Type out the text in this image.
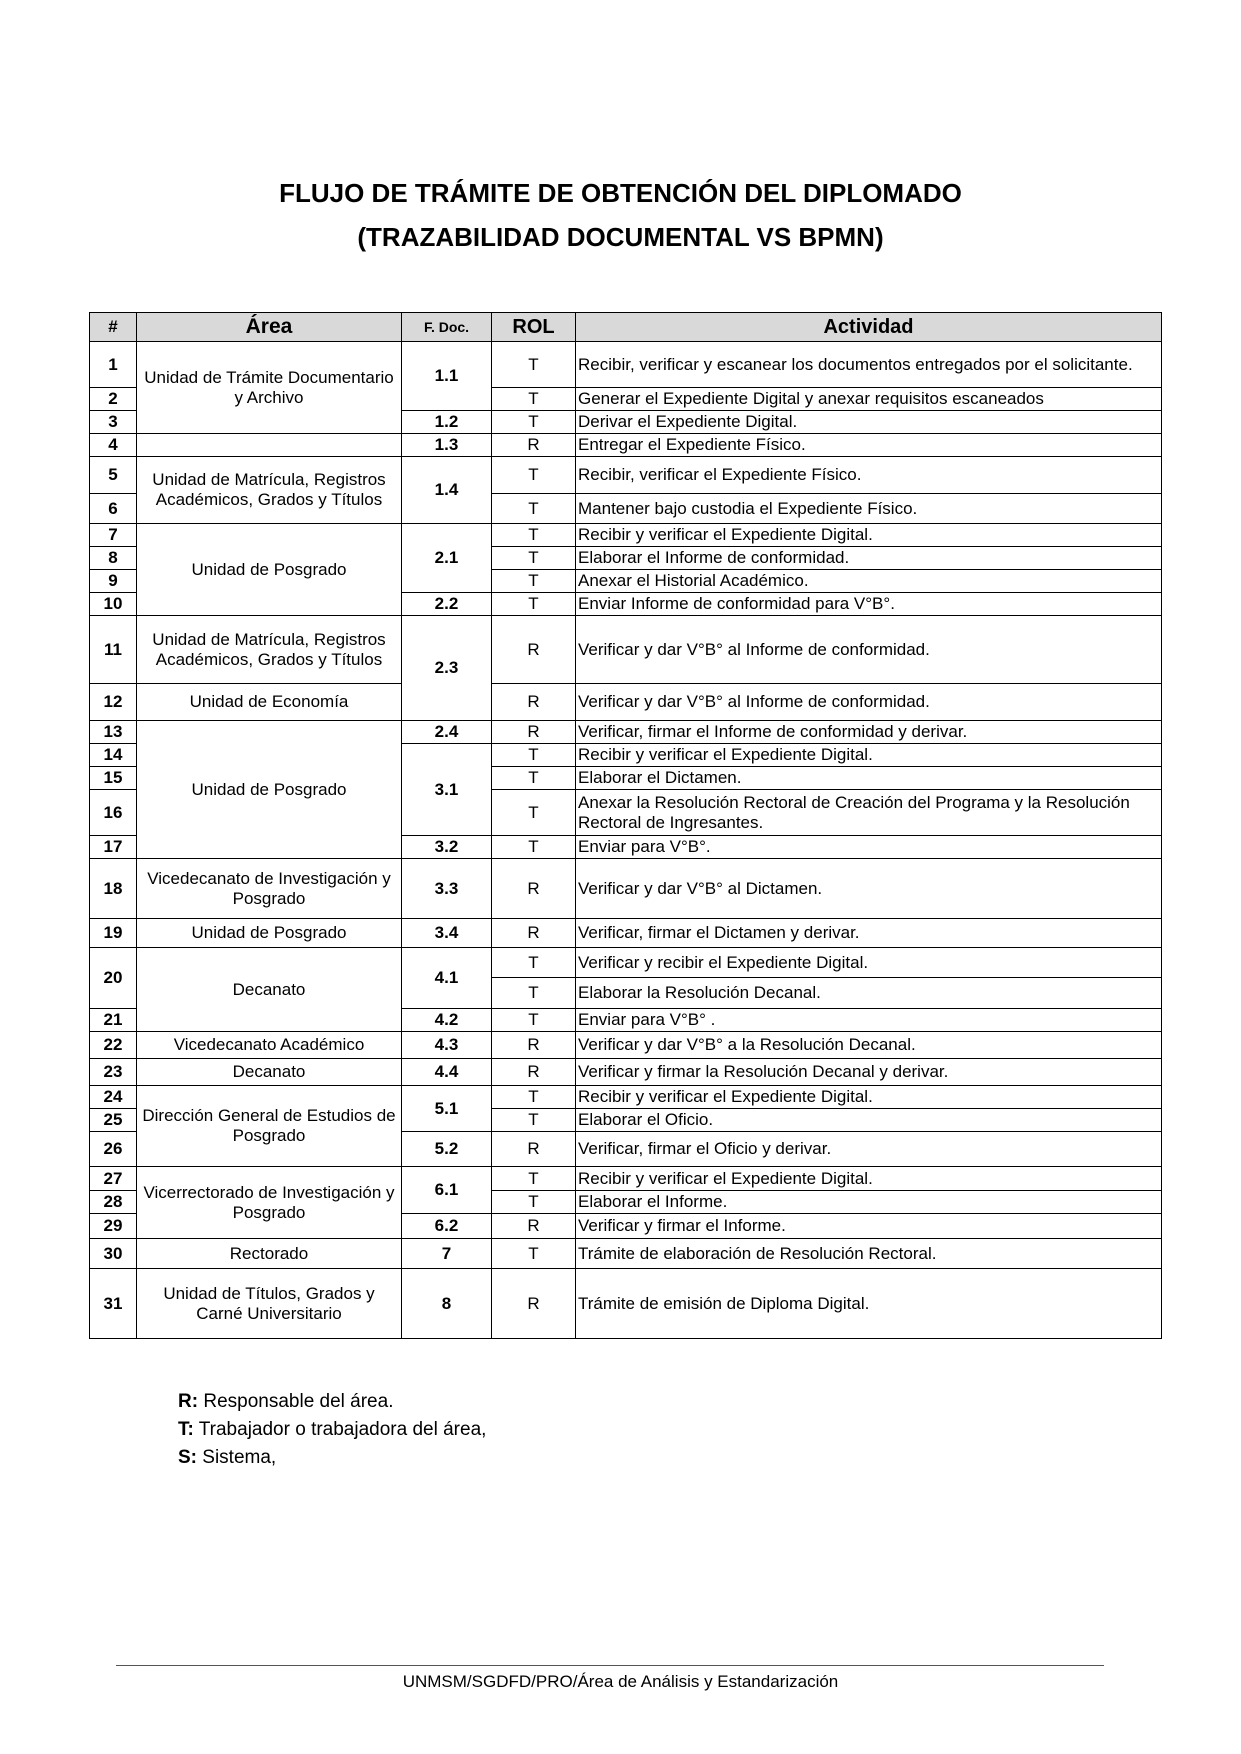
FLUJO DE TRÁMITE DE OBTENCIÓN DEL DIPLOMADO
(TRAZABILIDAD DOCUMENTAL VS BPMN)
#	Área	F. Doc.	ROL	Actividad
1	Unidad de Trámite Documentario y Archivo	1.1	T	Recibir, verificar y escanear los documentos entregados por el solicitante.
2			T	Generar el Expediente Digital y anexar requisitos escaneados
3		1.2	T	Derivar el Expediente Digital.
4		1.3	R	Entregar el Expediente Físico.
5	Unidad de Matrícula, Registros Académicos, Grados y Títulos	1.4	T	Recibir, verificar el Expediente Físico.
6			T	Mantener bajo custodia el Expediente Físico.
7	Unidad de Posgrado	2.1	T	Recibir y verificar el Expediente Digital.
8			T	Elaborar el Informe de conformidad.
9			T	Anexar el Historial Académico.
10		2.2	T	Enviar Informe de conformidad para V°B°.
11	Unidad de Matrícula, Registros Académicos, Grados y Títulos	2.3	R	Verificar y dar V°B° al Informe de conformidad.
12	Unidad de Economía		R	Verificar y dar V°B° al Informe de conformidad.
13	Unidad de Posgrado	2.4	R	Verificar, firmar el Informe de conformidad y derivar.
14		3.1	T	Recibir y verificar el Expediente Digital.
15			T	Elaborar el Dictamen.
16			T	Anexar la Resolución Rectoral de Creación del Programa y la Resolución Rectoral de Ingresantes.
17		3.2	T	Enviar para V°B°.
18	Vicedecanato de Investigación y Posgrado	3.3	R	Verificar y dar V°B° al Dictamen.
19	Unidad de Posgrado	3.4	R	Verificar, firmar el Dictamen y derivar.
20	Decanato	4.1	T	Verificar y recibir el Expediente Digital.
			T	Elaborar la Resolución Decanal.
21		4.2	T	Enviar para V°B° .
22	Vicedecanato Académico	4.3	R	Verificar y dar V°B° a la Resolución Decanal.
23	Decanato	4.4	R	Verificar y firmar la Resolución Decanal y derivar.
24	Dirección General de Estudios de Posgrado	5.1	T	Recibir y verificar el Expediente Digital.
25			T	Elaborar el Oficio.
26		5.2	R	Verificar, firmar el Oficio y derivar.
27	Vicerrectorado de Investigación y Posgrado	6.1	T	Recibir y verificar el Expediente Digital.
28			T	Elaborar el Informe.
29		6.2	R	Verificar y firmar el Informe.
30	Rectorado	7	T	Trámite de elaboración de Resolución Rectoral.
31	Unidad de Títulos, Grados y Carné Universitario	8	R	Trámite de emisión de Diploma Digital.
R: Responsable del área.
T: Trabajador o trabajadora del área,
S: Sistema,
UNMSM/SGDFD/PRO/Área de Análisis y Estandarización
